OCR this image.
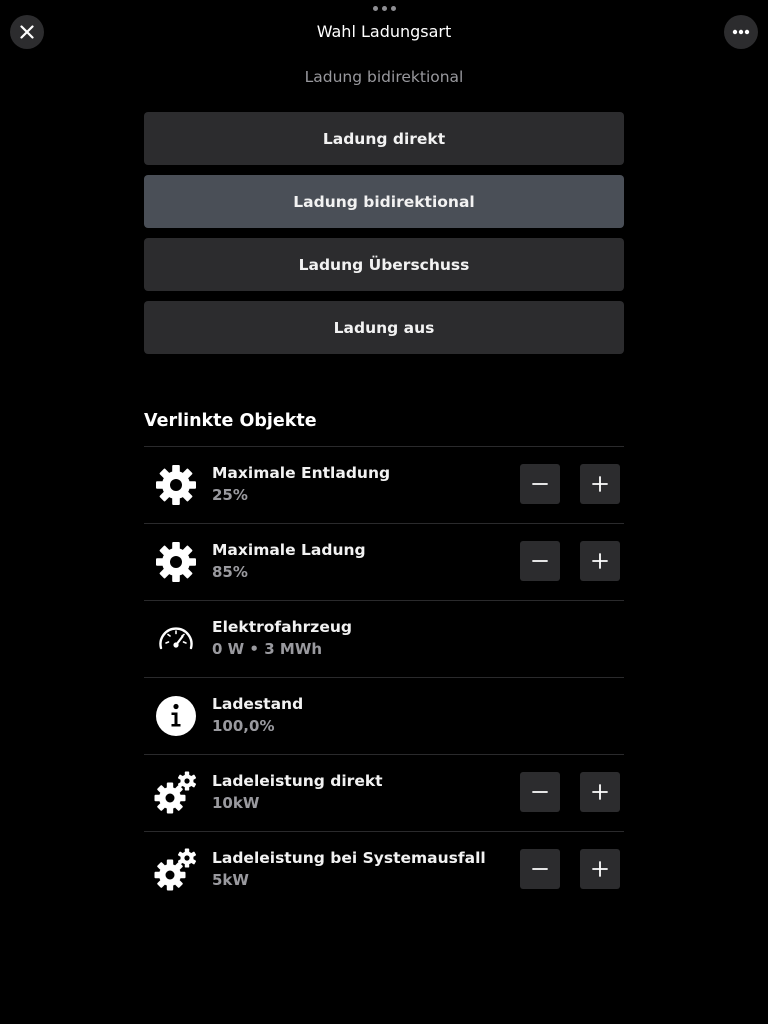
Wahl Ladungsart
Ladung bidirektional
Ladung direkt
Ladung bidirektional
Ladung Überschuss
Ladung aus
Verlinkte Objekte
Maximale Entladung
25%
Maximale Ladung
85%
Elektrofahrzeug
0 W • 3 MWh
Ladestand
100,0%
Ladeleistung direkt
10kW
Ladeleistung bei Systemausfall
5kW
